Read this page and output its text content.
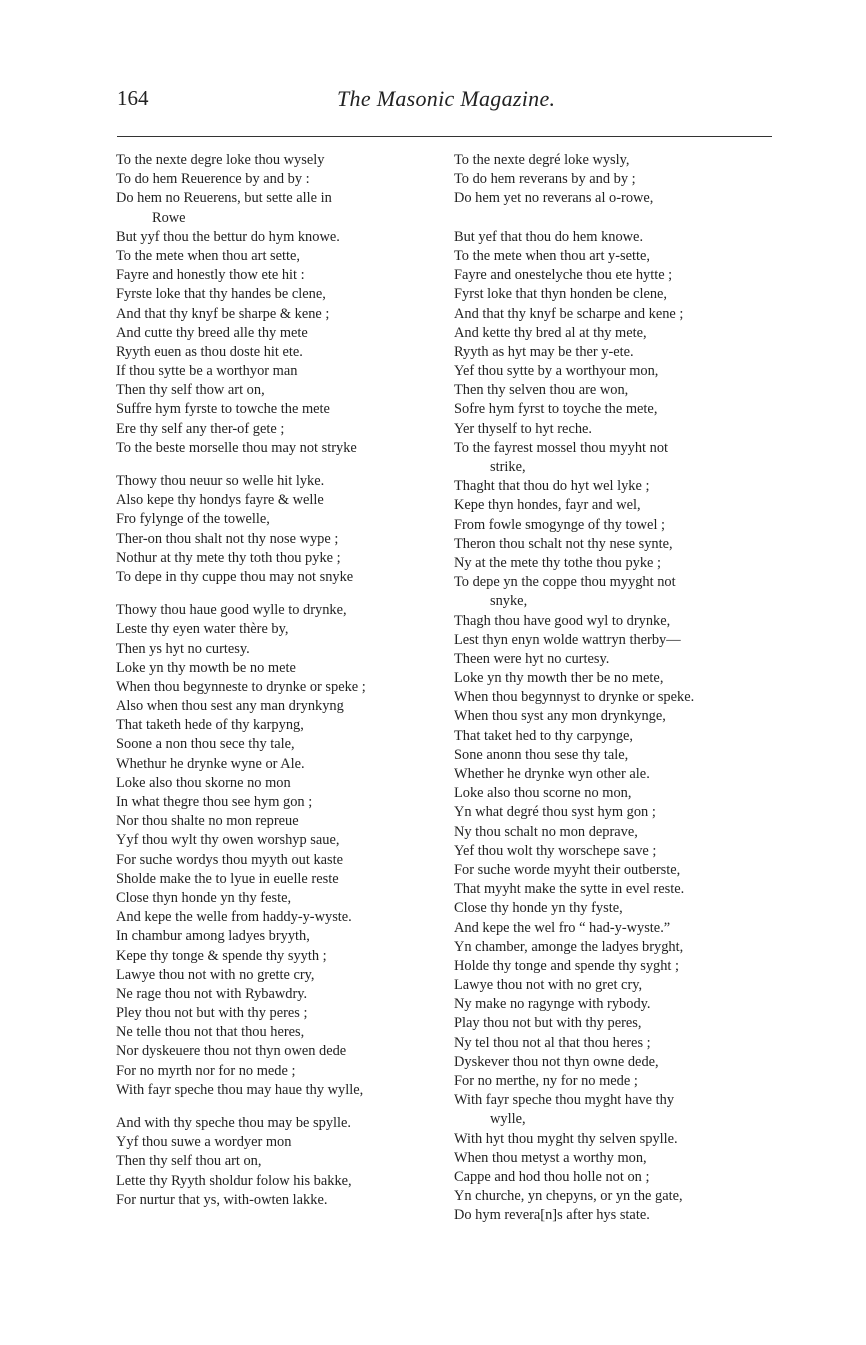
164	The Masonic Magazine.
To the nexte degre loke thou wysely
To do hem Reuerence by and by :
Do hem no Reuerens, but sette alle in
Rowe
But yyf thou the bettur do hym knowe.
To the mete when thou art sette,
Fayre and honestly thow ete hit :
Fyrste loke that thy handes be clene,
And that thy knyf be sharpe & kene ;
And cutte thy breed alle thy mete
Ryyth euen as thou doste hit ete.
If thou sytte be a worthyor man
Then thy self thow art on,
Suffre hym fyrste to towche the mete
Ere thy self any ther-of gete ;
To the beste morselle thou may not stryke
Thowy thou neuur so welle hit lyke.
Also kepe thy hondys fayre & welle
Fro fylynge of the towelle,
Ther-on thou shalt not thy nose wype ;
Nothur at thy mete thy toth thou pyke ;
To depe in thy cuppe thou may not snyke
Thowy thou haue good wylle to drynke,
Leste thy eyen water thère by,
Then ys hyt no curtesy.
Loke yn thy mowth be no mete
When thou begynneste to drynke or speke ;
Also when thou sest any man drynkyng
That taketh hede of thy karpyng,
Soone a non thou sece thy tale,
Whethur he drynke wyne or Ale.
Loke also thou skorne no mon
In what thegre thou see hym gon ;
Nor thou shalte no mon repreue
Yyf thou wylt thy owen worshyp saue,
For suche wordys thou myyth out kaste
Sholde make the to lyue in euelle reste
Close thyn honde yn thy feste,
And kepe the welle from haddy-y-wyste.
In chambur among ladyes bryyth,
Kepe thy tonge & spende thy syyth ;
Lawye thou not with no grette cry,
Ne rage thou not with Rybawdry.
Pley thou not but with thy peres ;
Ne telle thou not that thou heres,
Nor dyskeuere thou not thyn owen dede
For no myrth nor for no mede ;
With fayr speche thou may haue thy wylle,
And with thy speche thou may be spylle.
Yyf thou suwe a wordyer mon
Then thy self thou art on,
Lette thy Ryyth sholdur folow his bakke,
For nurtur that ys, with-owten lakke.
To the nexte degré loke wysly,
To do hem reverans by and by ;
Do hem yet no reverans al o-rowe,
But yef that thou do hem knowe.
To the mete when thou art y-sette,
Fayre and onestelyche thou ete hytte ;
Fyrst loke that thyn honden be clene,
And that thy knyf be scharpe and kene ;
And kette thy bred al at thy mete,
Ryyth as hyt may be ther y-ete.
Yef thou sytte by a worthyour mon,
Then thy selven thou are won,
Sofre hym fyrst to toyche the mete,
Yer thyself to hyt reche.
To the fayrest mossel thou myyht not
strike,
Thaght that thou do hyt wel lyke ;
Kepe thyn hondes, fayr and wel,
From fowle smogynge of thy towel ;
Theron thou schalt not thy nese synte,
Ny at the mete thy tothe thou pyke ;
To depe yn the coppe thou myyght not
snyke,
Thagh thou have good wyl to drynke,
Lest thyn enyn wolde wattryn therby—
Theen were hyt no curtesy.
Loke yn thy mowth ther be no mete,
When thou begynnyst to drynke or speke.
When thou syst any mon drynkynge,
That taket hed to thy carpynge,
Sone anonn thou sese thy tale,
Whether he drynke wyn other ale.
Loke also thou scorne no mon,
Yn what degré thou syst hym gon ;
Ny thou schalt no mon deprave,
Yef thou wolt thy worschepe save ;
For suche worde myyht their outberste,
That myyht make the sytte in evel reste.
Close thy honde yn thy fyste,
And kepe the wel fro “ had-y-wyste.”
Yn chamber, amonge the ladyes bryght,
Holde thy tonge and spende thy syght ;
Lawye thou not with no gret cry,
Ny make no ragynge with rybody.
Play thou not but with thy peres,
Ny tel thou not al that thou heres ;
Dyskever thou not thyn owne dede,
For no merthe, ny for no mede ;
With fayr speche thou myght have thy
wylle,
With hyt thou myght thy selven spylle.
When thou metyst a worthy mon,
Cappe and hod thou holle not on ;
Yn churche, yn chepyns, or yn the gate,
Do hym revera[n]s after hys state.
